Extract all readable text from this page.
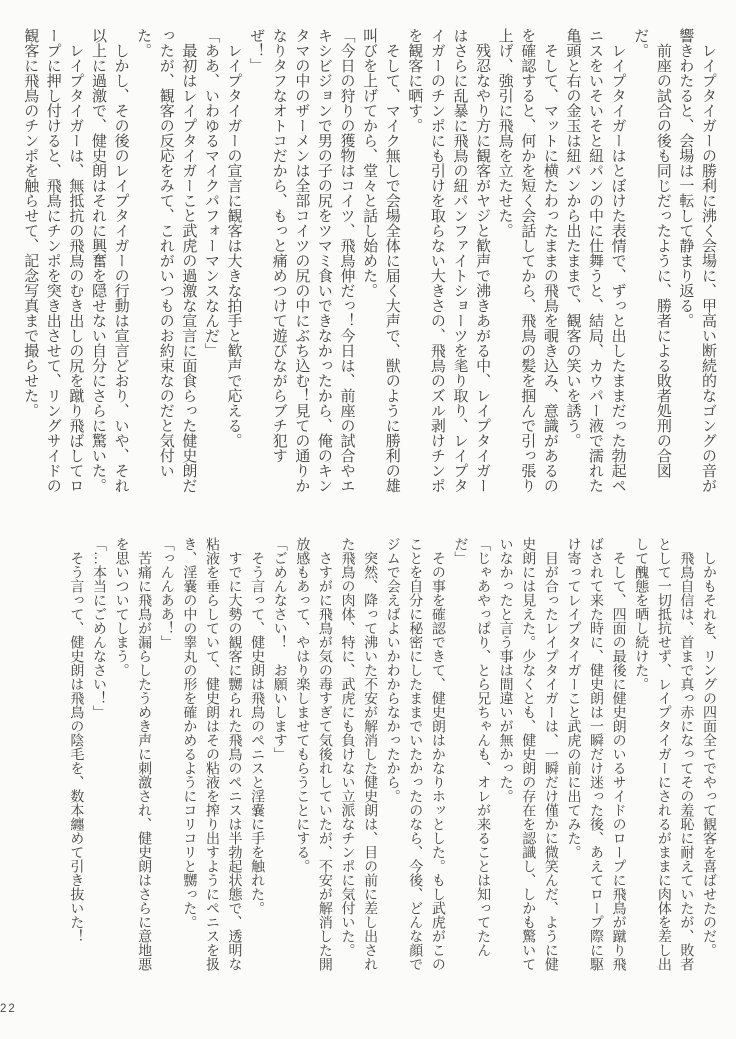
レイプタイガーの勝利に沸く会場に、甲高い断続的なゴングの音が響きわたると、会場は一転して静まり返る。

前座の試合の後も同じだったように、勝者による敗者処刑の合図だ。

レイプタイガーはとぼけた表情で、ずっと出したままだった勃起ペニスをいそいそと紐パンの中に仕舞うと、結局、カウパー液で濡れた亀頭と右の金玉は紐パンから出たままで、観客の笑いを誘う。

そして、マットに横たわったままの飛鳥を覗き込み、意識があるのを確認すると、何かを短く会話してから、飛鳥の髪を掴んで引っ張り上げ、強引に飛鳥を立たせた。

残忍なやり方に観客がヤジと歓声で沸きあがる中、レイプタイガーはさらに乱暴に飛鳥の紐パンファイトショーツを毟り取り、レイプタイガーのチンポにも引けを取らない大きさの、飛鳥のズル剥けチンポを観客に晒す。

そして、マイク無しで会場全体に届く大声で、獣のように勝利の雄叫びを上げてから、堂々と話し始めた。

「今日の狩りの獲物はコイツ、飛鳥伸だっ！今日は、前座の試合やエキシビジョンで男の子の尻をツマミ食いできなかったから、俺のキンタマの中のザーメンは全部コイツの尻の中にぶち込む！見ての通りかなりタフなオトコだから、もっと痛めつけて遊びながらブチ犯すぜ！」

レイプタイガーの宣言に観客は大きな拍手と歓声で応える。

「ああ、いわゆるマイクパフォーマンスなんだ」

最初はレイプタイガーこと武虎の過激な宣言に面食らった健史朗だったが、観客の反応をみて、これがいつものお約束なのだと気付いた。

しかし、その後のレイプタイガーの行動は宣言どおり、いや、それ以上に過激で、健史朗はそれに興奮を隠せない自分にさらに驚いた。

レイプタイガーは、無抵抗の飛鳥のむき出しの尻を蹴り飛ばしてロープに押し付けると、飛鳥にチンポを突き出させて、リングサイドの観客に飛鳥のチンポを触らせて、記念写真まで撮らせた。

しかもそれを、リングの四面全てでやって観客を喜ばせたのだ。

飛鳥自信は、首まで真っ赤になってその羞恥に耐えていたが、敗者として一切抵抗せず、レイプタイガーにされるがままに肉体を差し出して醜態を晒し続けた。

そして、四面の最後に健史朗のいるサイドのロープに飛鳥が蹴り飛ばされて来た時に、健史朗は一瞬だけ迷った後、あえてロープ際に駆け寄ってレイプタイガーこと武虎の前に出てみた。

目が合ったレイプタイガーは、一瞬だけ僅かに微笑んだ、ように健史朗には見えた。少なくとも、健史朗の存在を認識し、しかも驚いていなかったと言う事は間違いが無かった。

「じゃあやっぱり、とら兄ちゃんも、オレが来ることは知ってたんだ」

その事を確認できて、健史朗はかなりホッとした。もし武虎がこのことを自分に秘密にしたままでいたかったのなら、今後、どんな顔でジムで会えばよいかわからなかったから。

突然、降って沸いた不安が解消した健史朗は、目の前に差し出された飛鳥の肉体、特に、武虎にも負けない立派なチンポに気付いた。

さすがに飛鳥が気の毒すぎて気後れしていたが、不安が解消した開放感もあって、やはり楽しませてもらうことにする。

「ごめんなさい！　お願いします」

そう言って、健史朗は飛鳥のペニスと淫嚢に手を触れた。

すでに大勢の観客に嬲られた飛鳥のペニスは半勃起状態で、透明な粘液を垂らしていて、健史朗はその粘液を搾り出すようにペニスを扱き、淫嚢の中の睾丸の形を確かめるようにコリコリと嬲った。

「っんんああ！」

苦痛に飛鳥が漏らしたうめき声に刺激され、健史朗はさらに意地悪を思いついてしまう。

「…本当にごめんなさい！」

そう言って、健史朗は飛鳥の陰毛を、数本纏めて引き抜いた！

22
